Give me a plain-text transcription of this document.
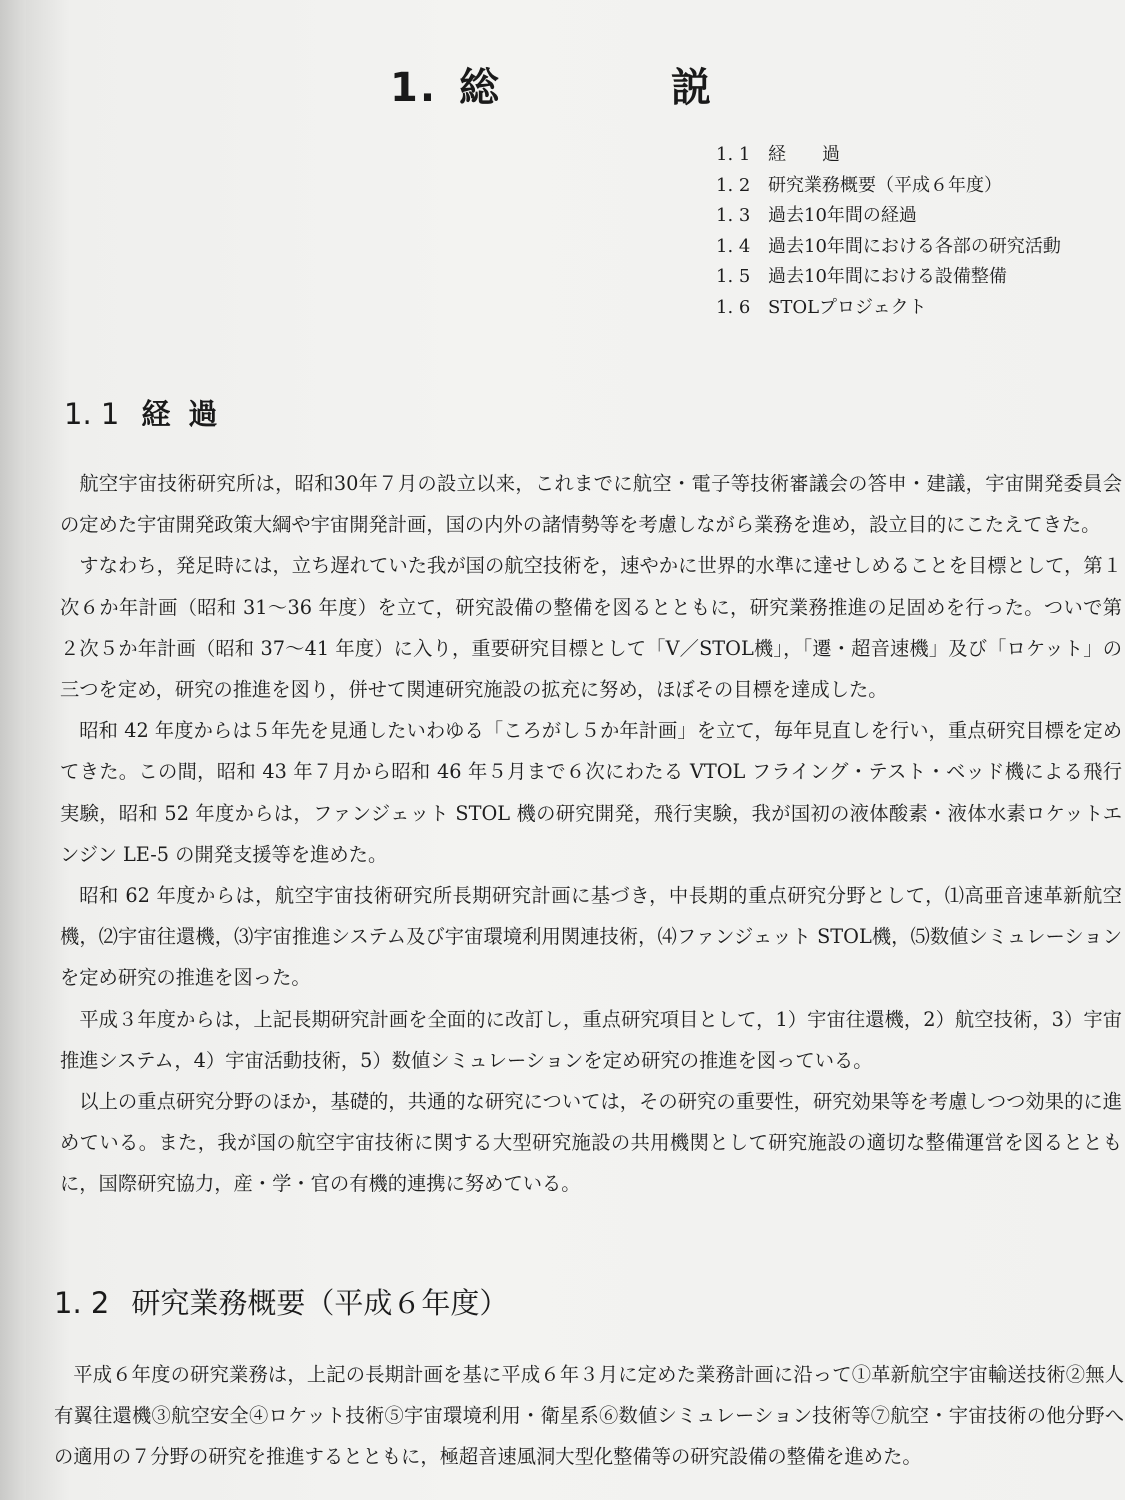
1. 総	説
1. 1 経　　過
1. 2 研究業務概要（平成６年度）
1. 3 過去10年間の経過
1. 4 過去10年間における各部の研究活動
1. 5 過去10年間における設備整備
1. 6 STOLプロジェクト
1. 1 経過

航空宇宙技術研究所は，昭和30年７月の設立以来，これまでに航空・電子等技術審議会の答申・建議，宇宙開発委員会の定めた宇宙開発政策大綱や宇宙開発計画，国の内外の諸情勢等を考慮しながら業務を進め，設立目的にこたえてきた。

すなわち，発足時には，立ち遅れていた我が国の航空技術を，速やかに世界的水準に達せしめることを目標として，第１次６か年計画（昭和 31〜36 年度）を立て，研究設備の整備を図るとともに，研究業務推進の足固めを行った。ついで第２次５か年計画（昭和 37〜41 年度）に入り，重要研究目標として「V／STOL機」，「遷・超音速機」及び「ロケット」の三つを定め，研究の推進を図り，併せて関連研究施設の拡充に努め，ほぼその目標を達成した。

昭和 42 年度からは５年先を見通したいわゆる「ころがし５か年計画」を立て，毎年見直しを行い，重点研究目標を定めてきた。この間，昭和 43 年７月から昭和 46 年５月まで６次にわたる VTOL フライング・テスト・ベッド機による飛行実験，昭和 52 年度からは，ファンジェット STOL 機の研究開発，飛行実験，我が国初の液体酸素・液体水素ロケットエンジン LE-5 の開発支援等を進めた。

昭和 62 年度からは，航空宇宙技術研究所長期研究計画に基づき，中長期的重点研究分野として，⑴高亜音速革新航空機，⑵宇宙往還機，⑶宇宙推進システム及び宇宙環境利用関連技術，⑷ファンジェット STOL機，⑸数値シミュレーションを定め研究の推進を図った。

平成３年度からは，上記長期研究計画を全面的に改訂し，重点研究項目として，1）宇宙往還機，2）航空技術，3）宇宙推進システム，4）宇宙活動技術，5）数値シミュレーションを定め研究の推進を図っている。

以上の重点研究分野のほか，基礎的，共通的な研究については，その研究の重要性，研究効果等を考慮しつつ効果的に進めている。また，我が国の航空宇宙技術に関する大型研究施設の共用機関として研究施設の適切な整備運営を図るとともに，国際研究協力，産・学・官の有機的連携に努めている。

1. 2 研究業務概要（平成６年度）

平成６年度の研究業務は，上記の長期計画を基に平成６年３月に定めた業務計画に沿って①革新航空宇宙輸送技術②無人有翼往還機③航空安全④ロケット技術⑤宇宙環境利用・衛星系⑥数値シミュレーション技術等⑦航空・宇宙技術の他分野への適用の７分野の研究を推進するとともに，極超音速風洞大型化整備等の研究設備の整備を進めた。
